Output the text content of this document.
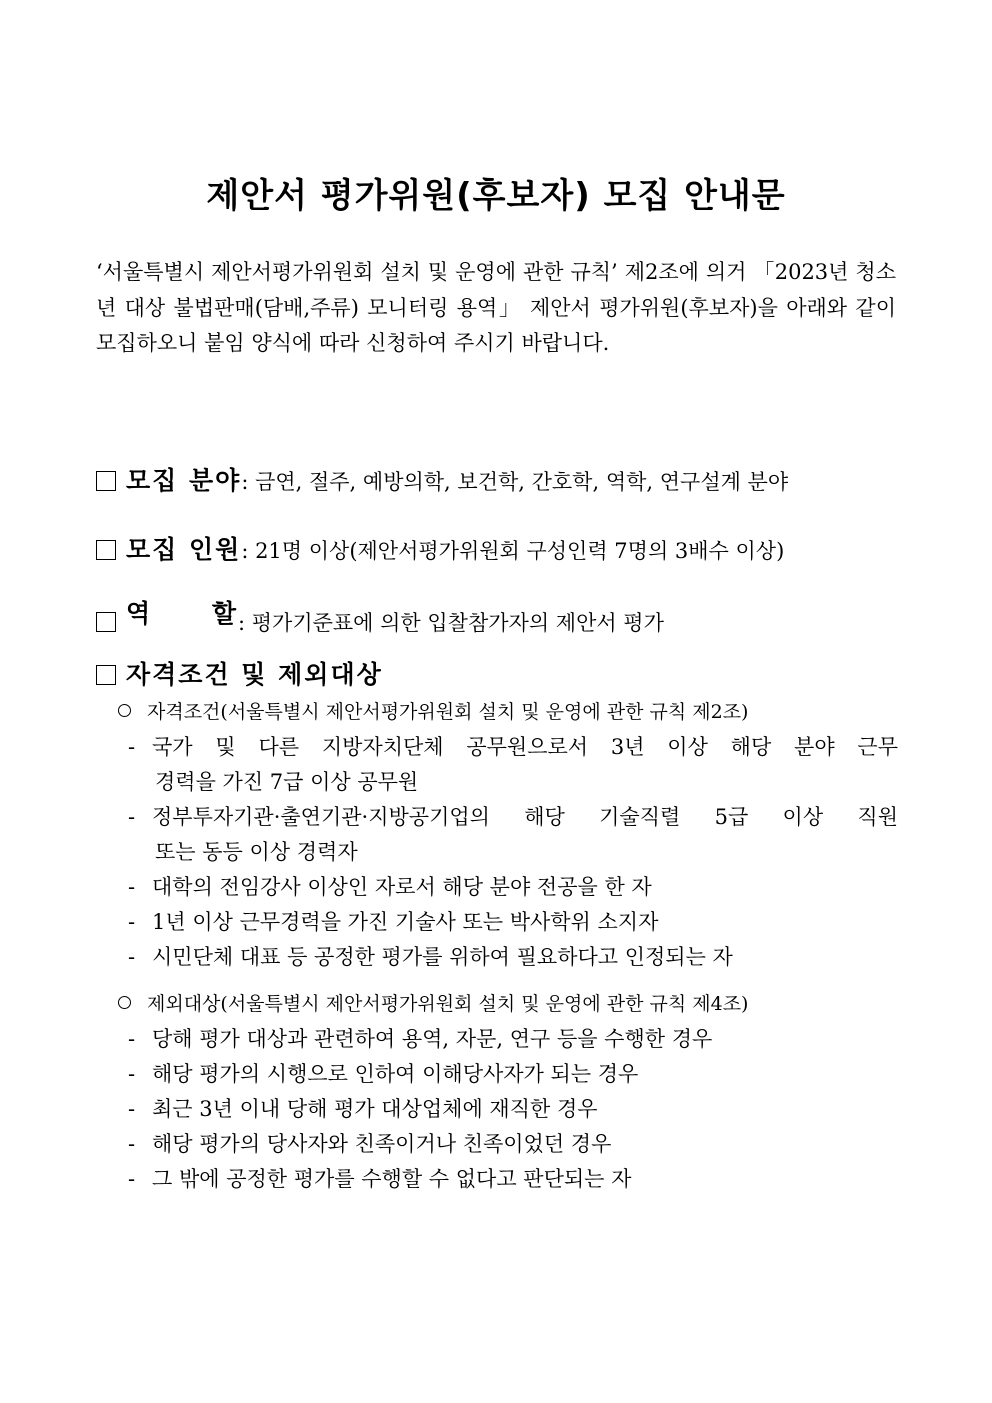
제안서 평가위원(후보자) 모집 안내문
‘서울특별시 제안서평가위원회 설치 및 운영에 관한 규칙’ 제2조에 의거 「2023년 청소년 대상 불법판매(담배,주류) 모니터링 용역」 제안서 평가위원(후보자)을 아래와 같이 모집하오니 붙임 양식에 따라 신청하여 주시기 바랍니다.
모집 분야: 금연, 절주, 예방의학, 보건학, 간호학, 역학, 연구설계 분야
모집 인원: 21명 이상(제안서평가위원회 구성인력 7명의 3배수 이상)
역 할 : 평가기준표에 의한 입찰참가자의 제안서 평가
자격조건 및 제외대상
자격조건(서울특별시 제안서평가위원회 설치 및 운영에 관한 규칙 제2조)
- 국가 및 다른 지방자치단체 공무원으로서 3년 이상 해당 분야 근무
경력을 가진 7급 이상 공무원
- 정부투자기관·출연기관·지방공기업의 해당 기술직렬 5급 이상 직원
또는 동등 이상 경력자
- 대학의 전임강사 이상인 자로서 해당 분야 전공을 한 자
- 1년 이상 근무경력을 가진 기술사 또는 박사학위 소지자
- 시민단체 대표 등 공정한 평가를 위하여 필요하다고 인정되는 자
제외대상(서울특별시 제안서평가위원회 설치 및 운영에 관한 규칙 제4조)
- 당해 평가 대상과 관련하여 용역, 자문, 연구 등을 수행한 경우
- 해당 평가의 시행으로 인하여 이해당사자가 되는 경우
- 최근 3년 이내 당해 평가 대상업체에 재직한 경우
- 해당 평가의 당사자와 친족이거나 친족이었던 경우
- 그 밖에 공정한 평가를 수행할 수 없다고 판단되는 자
